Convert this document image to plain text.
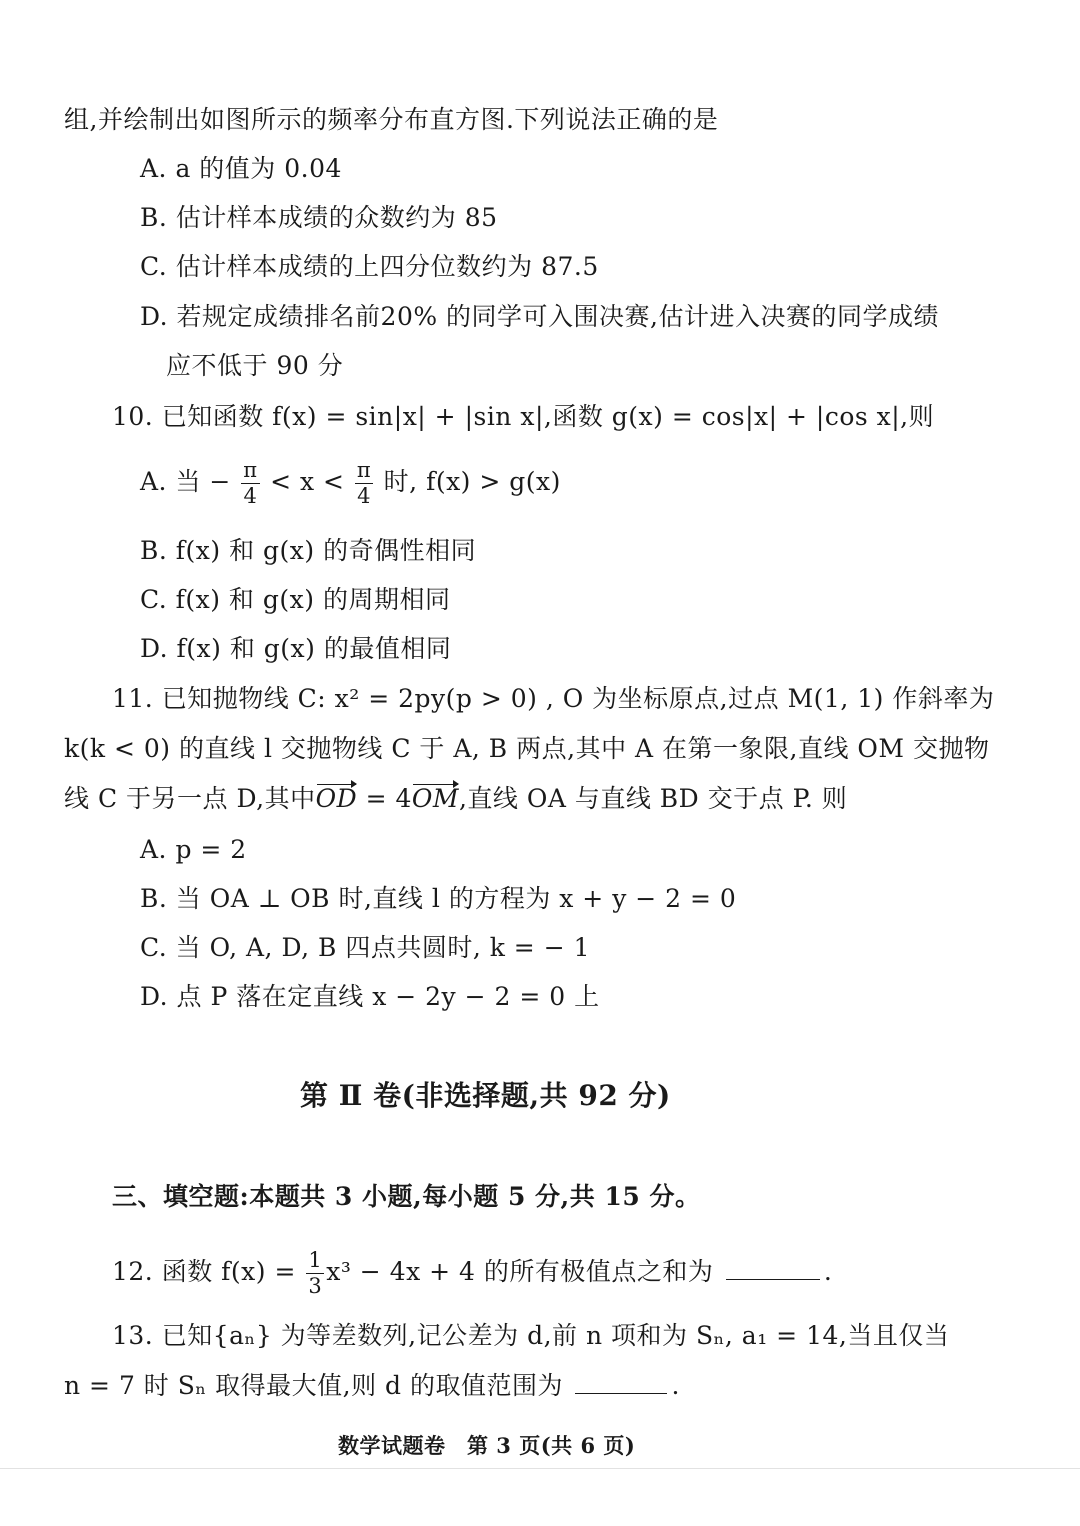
组,并绘制出如图所示的频率分布直方图.下列说法正确的是
A. a 的值为 0.04
B. 估计样本成绩的众数约为 85
C. 估计样本成绩的上四分位数约为 87.5
D. 若规定成绩排名前20% 的同学可入围决赛,估计进入决赛的同学成绩
应不低于 90 分
10. 已知函数 f(x) = sin|x| + |sin x|,函数 g(x) = cos|x| + |cos x|,则
A. 当 − $\frac{\pi}{4} < x < \frac{\pi}{4}$ 时, f(x) > g(x)
B. f(x) 和 g(x) 的奇偶性相同
C. f(x) 和 g(x) 的周期相同
D. f(x) 和 g(x) 的最值相同
11. 已知抛物线 C: x² = 2py(p > 0) , O 为坐标原点,过点 M(1, 1) 作斜率为
k(k < 0) 的直线 l 交抛物线 C 于 A, B 两点,其中 A 在第一象限,直线 OM 交抛物
线 C 于另一点 D,其中OD = 4OM,直线 OA 与直线 BD 交于点 P. 则
A. p = 2
B. 当 OA ⊥ OB 时,直线 l 的方程为 x + y − 2 = 0
C. 当 O, A, D, B 四点共圆时, k = − 1
D. 点 P 落在定直线 x − 2y − 2 = 0 上
第 Ⅱ 卷(非选择题,共 92 分)
三、填空题:本题共 3 小题,每小题 5 分,共 15 分。
12. 函数 $f(x) = \frac{1}{3} x^3 - 4x + 4$ 的所有极值点之和为	.
13. 已知{aₙ} 为等差数列,记公差为 d,前 n 项和为 Sₙ, a₁ = 14,当且仅当
n = 7 时 Sₙ 取得最大值,则 d 的取值范围为	.
数学试题卷　第 3 页(共 6 页)
